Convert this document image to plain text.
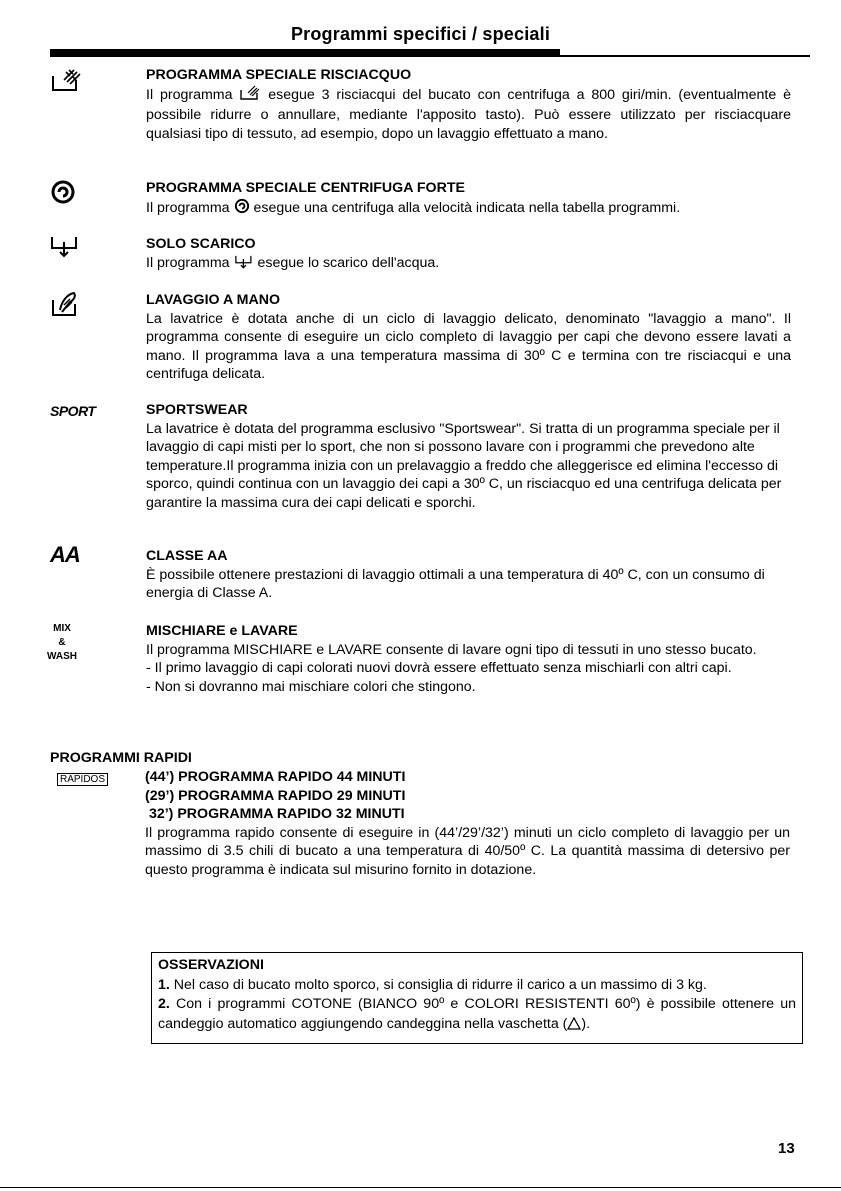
Programmi specifici / speciali
PROGRAMMA SPECIALE RISCIACQUO
Il programma	esegue 3 risciacqui del bucato con centrifuga a 800 giri/min. (eventualmente è possibile ridurre o annullare, mediante l'apposito tasto). Può essere utilizzato per risciacquare qualsiasi tipo di tessuto, ad esempio, dopo un lavaggio effettuato a mano.
PROGRAMMA SPECIALE CENTRIFUGA FORTE
Il programma esegue una centrifuga alla velocità indicata nella tabella programmi.
SOLO SCARICO
Il programma esegue lo scarico dell'acqua.
LAVAGGIO A MANO
La lavatrice è dotata anche di un ciclo di lavaggio delicato, denominato "lavaggio a mano". Il programma consente di eseguire un ciclo completo di lavaggio per capi che devono essere lavati a mano. Il programma lava a una temperatura massima di 30º C e termina con tre risciacqui e una centrifuga delicata.
SPORT	SPORTSWEAR
La lavatrice è dotata del programma esclusivo "Sportswear". Si tratta di un programma speciale per il lavaggio di capi misti per lo sport, che non si possono lavare con i programmi che prevedono alte temperature.Il programma inizia con un prelavaggio a freddo che alleggerisce ed elimina l'eccesso di sporco, quindi continua con un lavaggio dei capi a 30º C, un risciacquo ed una centrifuga delicata per garantire la massima cura dei capi delicati e sporchi.
AA	CLASSE AA
È possibile ottenere prestazioni di lavaggio ottimali a una temperatura di 40º C, con un consumo di energia di Classe A.
MIX
&
WASH
MISCHIARE e LAVARE
Il programma MISCHIARE e LAVARE consente di lavare ogni tipo di tessuti in uno stesso bucato.
- Il primo lavaggio di capi colorati nuovi dovrà essere effettuato senza mischiarli con altri capi.
- Non si dovranno mai mischiare colori che stingono.
PROGRAMMI RAPIDI
RAPIDOS	(44’) PROGRAMMA RAPIDO 44 MINUTI
(29’) PROGRAMMA RAPIDO 29 MINUTI
32’) PROGRAMMA RAPIDO 32 MINUTI
Il programma rapido consente di eseguire in (44’/29’/32’) minuti un ciclo completo di lavaggio per un massimo di 3.5 chili di bucato a una temperatura di 40/50º C. La quantità massima di detersivo per questo programma è indicata sul misurino fornito in dotazione.
OSSERVAZIONI
1. Nel caso di bucato molto sporco, si consiglia di ridurre il carico a un massimo di 3 kg.
2. Con i programmi COTONE (BIANCO 90º e COLORI RESISTENTI 60º) è possibile ottenere un candeggio automatico aggiungendo candeggina nella vaschetta ( ).
13
